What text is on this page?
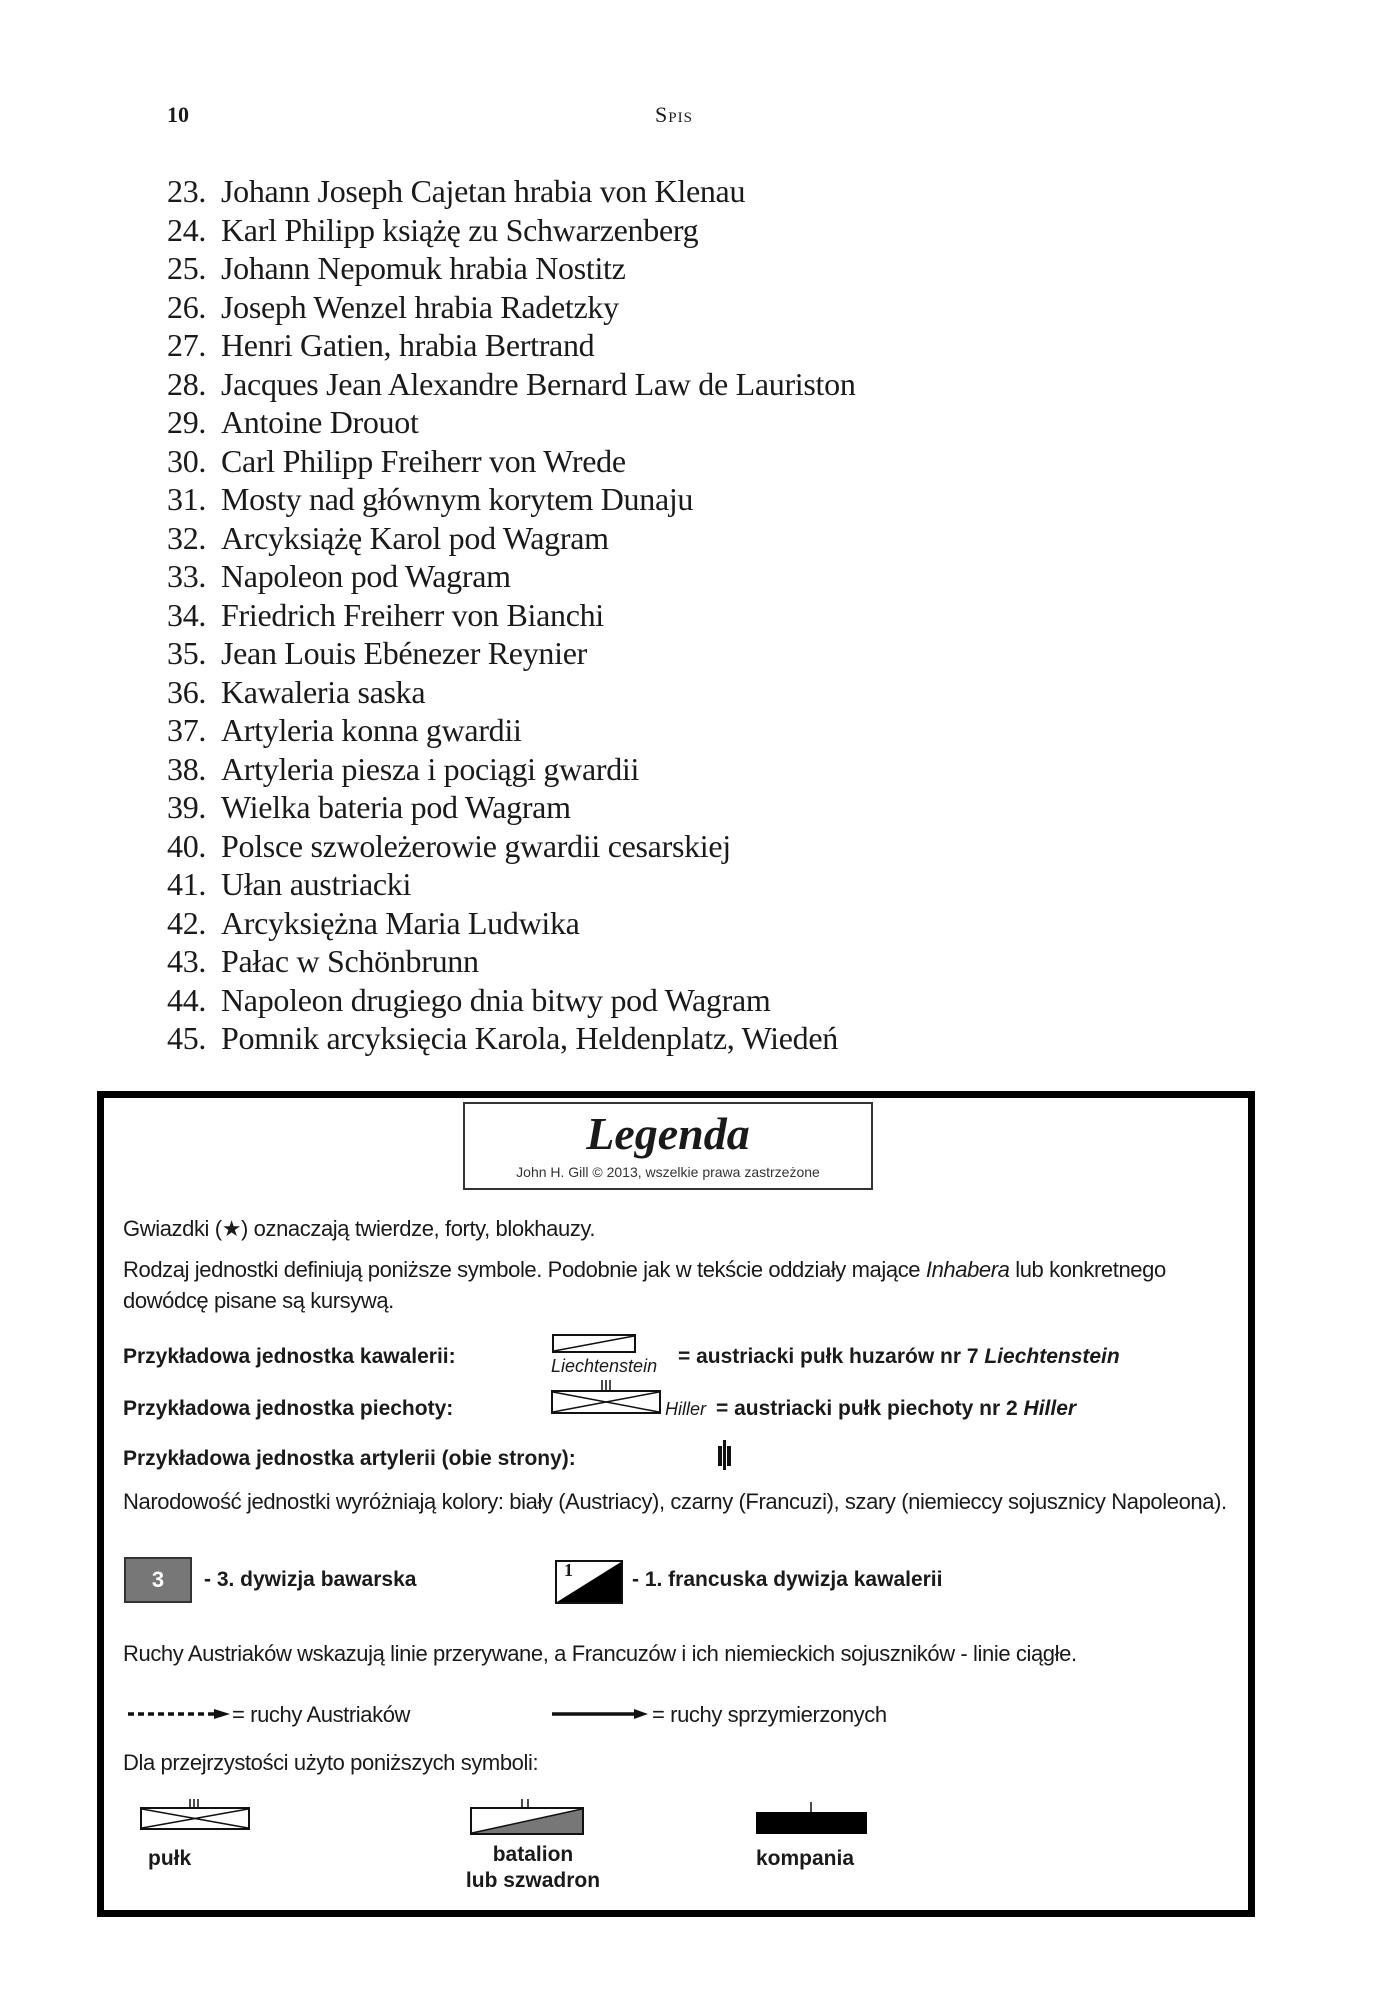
10	Spis
23. Johann Joseph Cajetan hrabia von Klenau
24. Karl Philipp książę zu Schwarzenberg
25. Johann Nepomuk hrabia Nostitz
26. Joseph Wenzel hrabia Radetzky
27. Henri Gatien, hrabia Bertrand
28. Jacques Jean Alexandre Bernard Law de Lauriston
29. Antoine Drouot
30. Carl Philipp Freiherr von Wrede
31. Mosty nad głównym korytem Dunaju
32. Arcyksiążę Karol pod Wagram
33. Napoleon pod Wagram
34. Friedrich Freiherr von Bianchi
35. Jean Louis Ebénezer Reynier
36. Kawaleria saska
37. Artyleria konna gwardii
38. Artyleria piesza i pociągi gwardii
39. Wielka bateria pod Wagram
40. Polsce szwoleżerowie gwardii cesarskiej
41. Ułan austriacki
42. Arcyksiężna Maria Ludwika
43. Pałac w Schönbrunn
44. Napoleon drugiego dnia bitwy pod Wagram
45. Pomnik arcyksięcia Karola, Heldenplatz, Wiedeń
Legenda
John H. Gill © 2013, wszelkie prawa zastrzeżone
Gwiazdki (★) oznaczają twierdze, forty, blokhauzy.
Rodzaj jednostki definiują poniższe symbole. Podobnie jak w tekście oddziały mające Inhabera lub konkretnego dowódcę pisane są kursywą.
Przykładowa jednostka kawalerii:	Liechtenstein = austriacki pułk huzarów nr 7 Liechtenstein
Przykładowa jednostka piechoty:	Hiller = austriacki pułk piechoty nr 2 Hiller
Przykładowa jednostka artylerii (obie strony):
Narodowość jednostki wyróżniają kolory: biały (Austriacy), czarny (Francuzi), szary (niemieccy sojusznicy Napoleona).
3	- 3. dywizja bawarska	1	- 1. francuska dywizja kawalerii
Ruchy Austriaków wskazują linie przerywane, a Francuzów i ich niemieckich sojuszników - linie ciągłe.
= ruchy Austriaków	= ruchy sprzymierzonych
Dla przejrzystości użyto poniższych symboli:
pułk	batalion
lub szwadron
kompania
